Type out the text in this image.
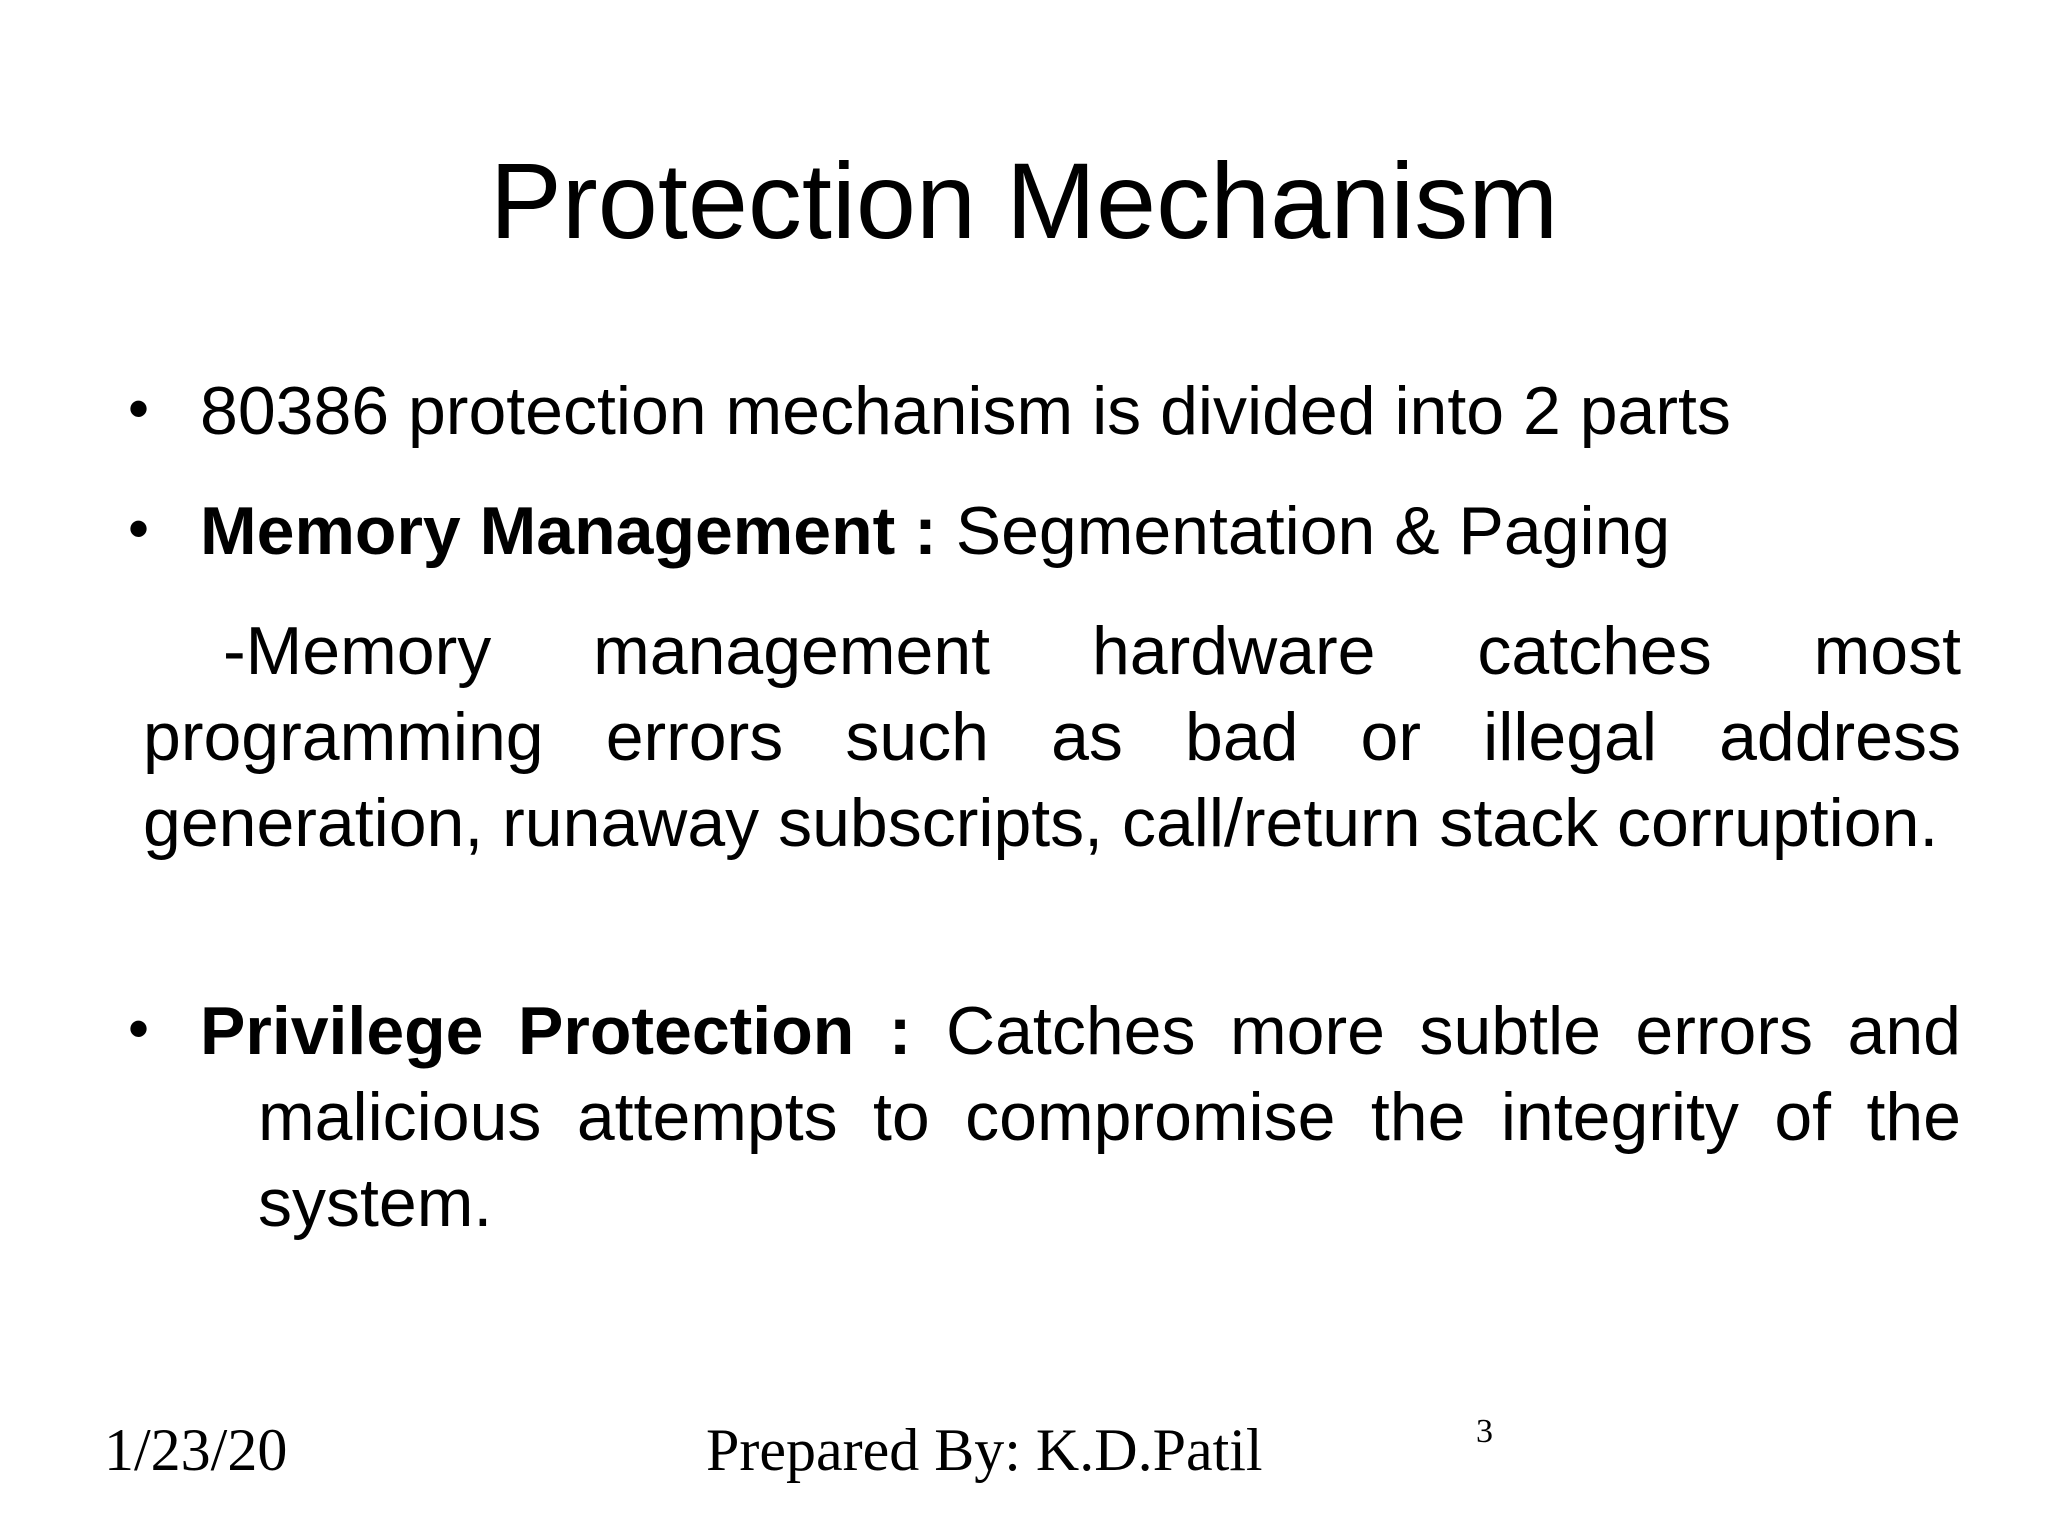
Protection Mechanism
• 80386 protection mechanism is divided into 2 parts
• Memory Management : Segmentation & Paging
-Memory management hardware catches most programming errors such as bad or illegal address generation, runaway subscripts, call/return stack corruption.
• Privilege Protection : Catches more subtle errors and malicious attempts to compromise the integrity of the system.
1/23/20	Prepared By: K.D.Patil	3
